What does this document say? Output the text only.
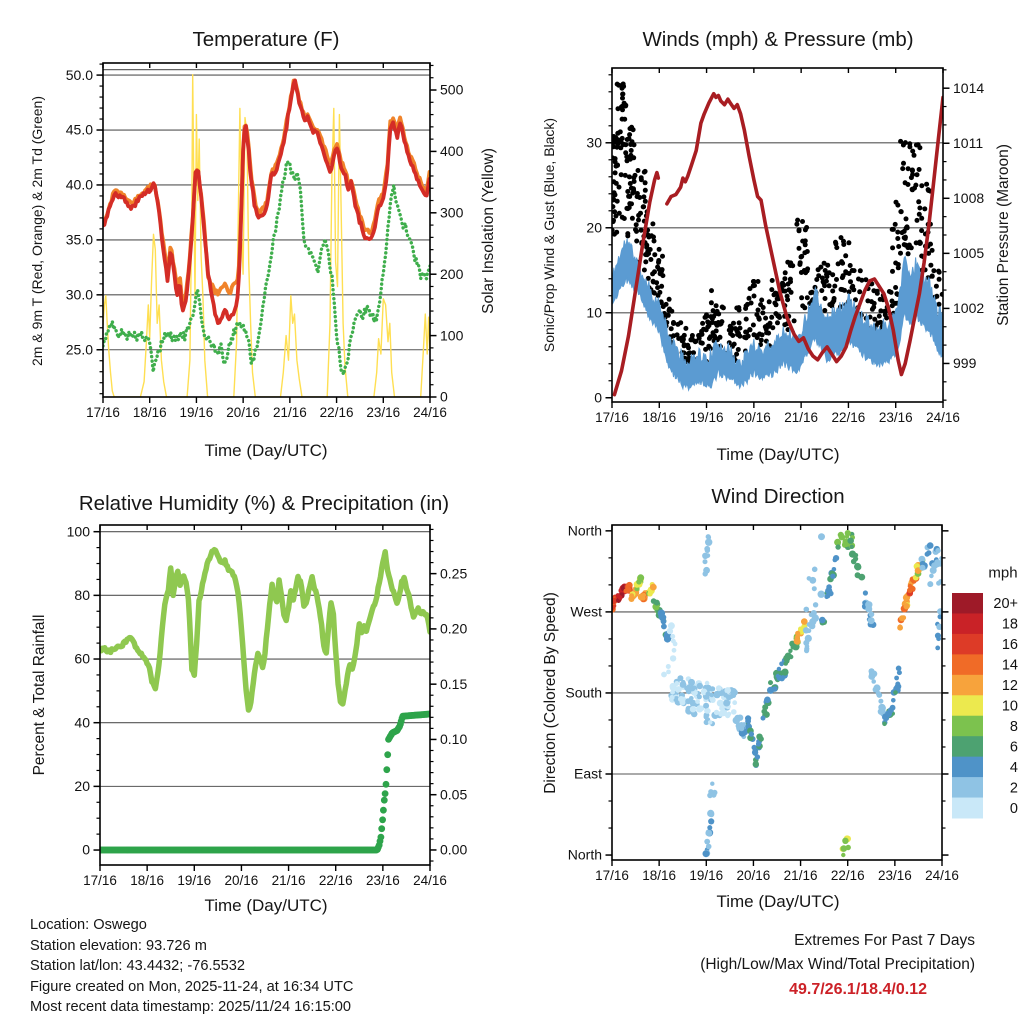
17/16 18/16 19/16 20/16 21/16 22/16 23/16 24/16
25.0
30.0
35.0
40.0
45.0
50.0
0
100
200
300
400
500
17/16 18/16 19/16 20/16 21/16 22/16 23/16 24/16
0
10
20
30
999
1002
1005
1008
1011
1014
17/16 18/16 19/16 20/16 21/16 22/16 23/16 24/16
0
20
40
60
80
100
0.00
0.05
0.10
0.15
0.20
0.25
17/16 18/16 19/16 20/16 21/16 22/16 23/16 24/16
North
East
South
West
North
20+
18
16
14
12
10
8
6
4
2
0
Temperature (F)	Winds (mph) & Pressure (mb)
Relative Humidity (%) & Precipitation (in)	Wind Direction
Time (Day/UTC)	Time (Day/UTC)
Time (Day/UTC)	Time (Day/UTC)
2m & 9m T (Red, Orange) & 2m Td (Green)	Solar Insolation (Yellow)	Sonic/Prop Wind & Gust (Blue, Black)	Station Pressure (Maroon)
Percent & Total Rainfall	Direction (Colored By Speed)
mph
Location: Oswego
Station elevation: 93.726 m
Station lat/lon: 43.4432; -76.5532
Figure created on Mon, 2025-11-24, at 16:34 UTC
Most recent data timestamp: 2025/11/24 16:15:00
Extremes For Past 7 Days
(High/Low/Max Wind/Total Precipitation)
49.7/26.1/18.4/0.12
